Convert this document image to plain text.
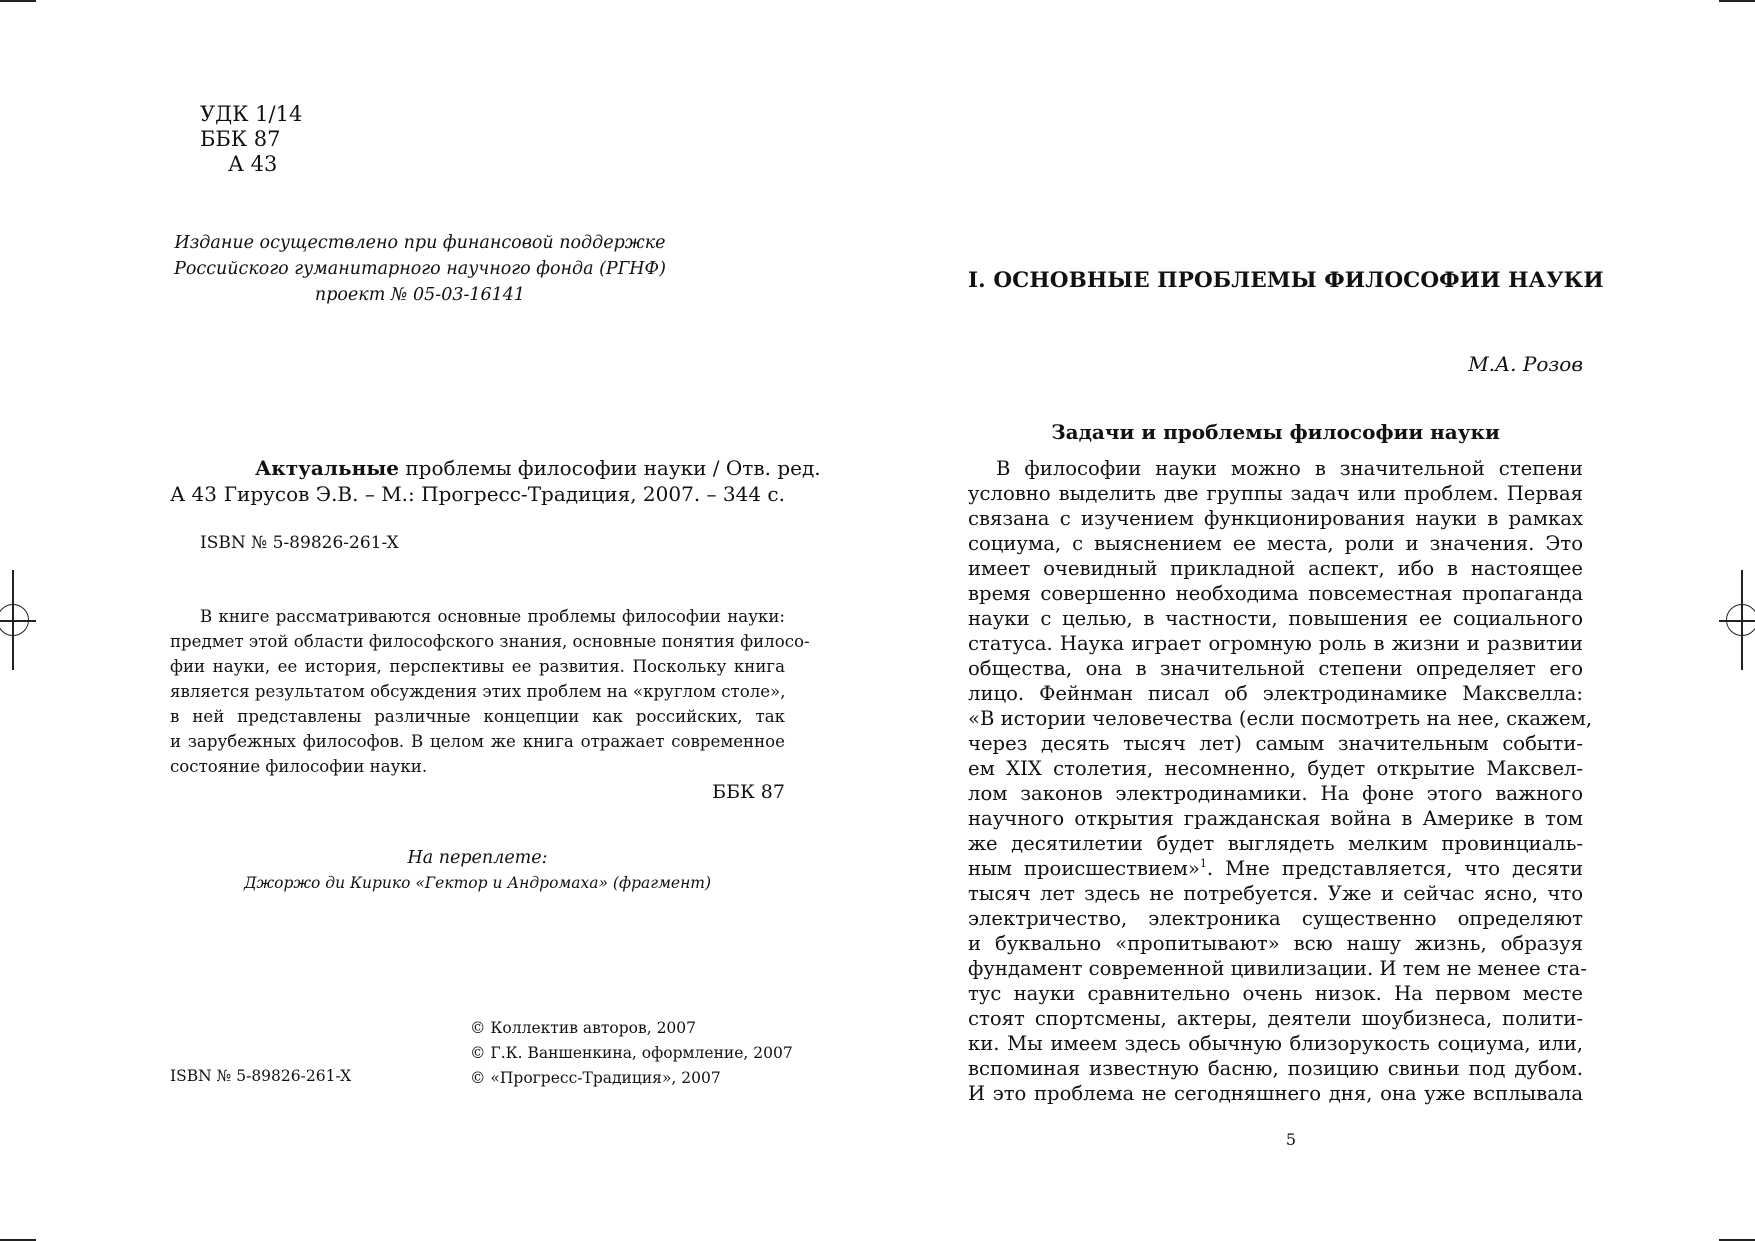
УДК 1/14
ББК 87
А 43
Издание осуществлено при финансовой поддержке
Российского гуманитарного научного фонда (РГНФ)
проект № 05-03-16141
Актуальные проблемы философии науки / Отв. ред.
А 43 Гирусов Э.В. – М.: Прогресс-Традиция, 2007. – 344 с.
ISBN № 5-89826-261-X
В книге рассматриваются основные проблемы философии науки:
предмет этой области философского знания, основные понятия филосо-
фии науки, ее история, перспективы ее развития. Поскольку книга
является результатом обсуждения этих проблем на «круглом столе»,
в ней представлены различные концепции как российских, так
и зарубежных философов. В целом же книга отражает современное
состояние философии науки.
ББК 87
На переплете:
Джоржо ди Кирико «Гектор и Андромаха» (фрагмент)
© Коллектив авторов, 2007
© Г.К. Ваншенкина, оформление, 2007
© «Прогресс-Традиция», 2007
ISBN № 5-89826-261-X
I. ОСНОВНЫЕ ПРОБЛЕМЫ ФИЛОСОФИИ НАУКИ
М.А. Розов
Задачи и проблемы философии науки
В философии науки можно в значительной степени
условно выделить две группы задач или проблем. Первая
связана с изучением функционирования науки в рамках
социума, с выяснением ее места, роли и значения. Это
имеет очевидный прикладной аспект, ибо в настоящее
время совершенно необходима повсеместная пропаганда
науки с целью, в частности, повышения ее социального
статуса. Наука играет огромную роль в жизни и развитии
общества, она в значительной степени определяет его
лицо. Фейнман писал об электродинамике Максвелла:
«В истории человечества (если посмотреть на нее, скажем,
через десять тысяч лет) самым значительным событи-
ем XIX столетия, несомненно, будет открытие Максвел-
лом законов электродинамики. На фоне этого важного
научного открытия гражданская война в Америке в том
же десятилетии будет выглядеть мелким провинциаль-
ным происшествием»$^1$. Мне представляется, что десяти
тысяч лет здесь не потребуется. Уже и сейчас ясно, что
электричество, электроника существенно определяют
и буквально «пропитывают» всю нашу жизнь, образуя
фундамент современной цивилизации. И тем не менее ста-
тус науки сравнительно очень низок. На первом месте
стоят спортсмены, актеры, деятели шоубизнеса, полити-
ки. Мы имеем здесь обычную близорукость социума, или,
вспоминая известную басню, позицию свиньи под дубом.
И это проблема не сегодняшнего дня, она уже всплывала
5
